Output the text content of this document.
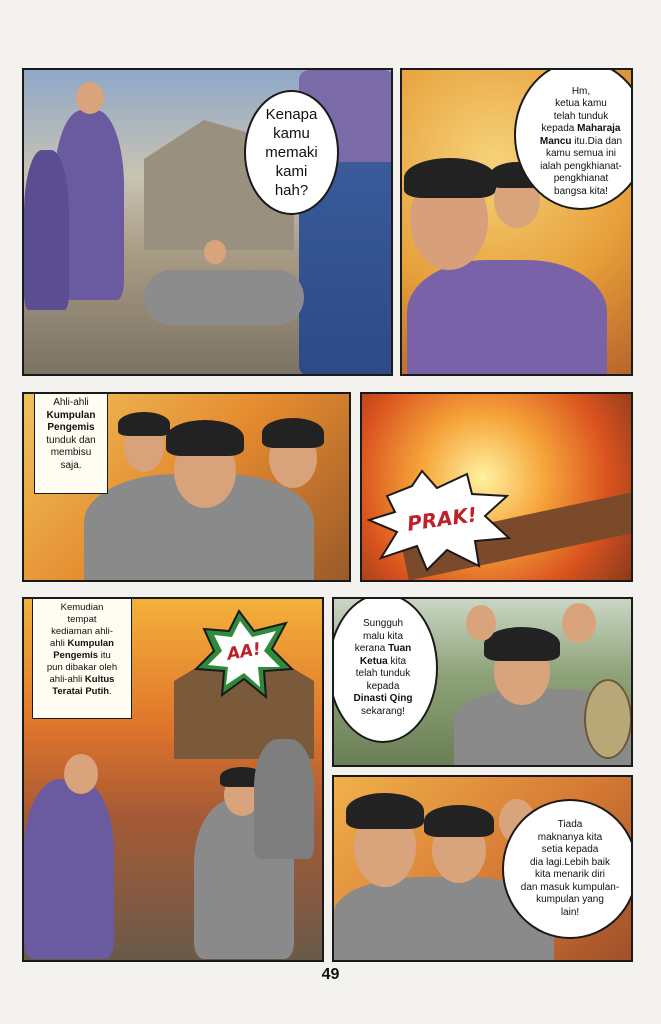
Kenapa
kamu
memaki
kami
hah?
Hm,
ketua kamu
telah tunduk
kepada Maharaja
Mancu itu.Dia dan
kamu semua ini
ialah pengkhianat-
pengkhianat
bangsa kita!
Ahli-ahli
Kumpulan
Pengemis
tunduk dan
membisu
saja.
PRAK!
Kemudian
tempat
kediaman ahli-
ahli Kumpulan
Pengemis itu
pun dibakar oleh
ahli-ahli Kultus
Teratai Putih.
AA!
Sungguh
malu kita
kerana Tuan
Ketua kita
telah tunduk
kepada
Dinasti Qing
sekarang!
Tiada
maknanya kita
setia kepada
dia lagi.Lebih baik
kita menarik diri
dan masuk kumpulan-
kumpulan yang
lain!
49
